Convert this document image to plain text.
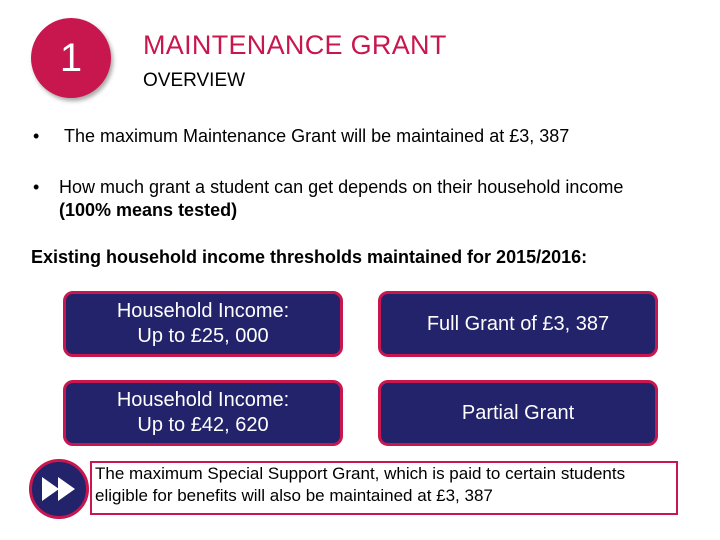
1 MAINTENANCE GRANT
OVERVIEW
• The maximum Maintenance Grant will be maintained at £3, 387
• How much grant a student can get depends on their household income (100% means tested)
Existing household income thresholds maintained for 2015/2016:
Household Income:
Up to £25, 000
Full Grant of £3, 387
Household Income:
Up to £42, 620
Partial Grant
The maximum Special Support Grant, which is paid to certain students eligible for benefits will also be maintained at £3, 387
